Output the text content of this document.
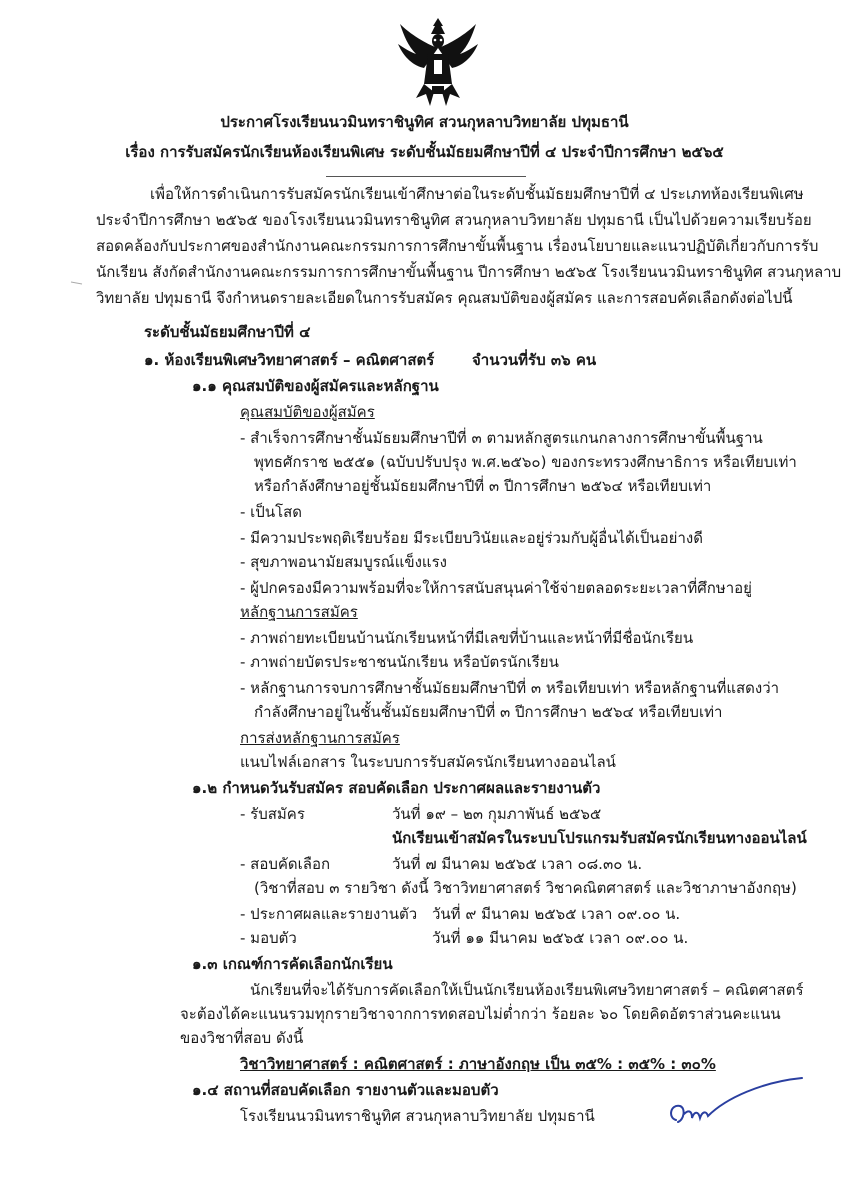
ประกาศโรงเรียนนวมินทราชินูทิศ สวนกุหลาบวิทยาลัย ปทุมธานี
เรื่อง การรับสมัครนักเรียนห้องเรียนพิเศษ ระดับชั้นมัธยมศึกษาปีที่ ๔ ประจำปีการศึกษา ๒๕๖๕
เพื่อให้การดำเนินการรับสมัครนักเรียนเข้าศึกษาต่อในระดับชั้นมัธยมศึกษาปีที่ ๔ ประเภทห้องเรียนพิเศษ
ประจำปีการศึกษา ๒๕๖๕ ของโรงเรียนนวมินทราชินูทิศ สวนกุหลาบวิทยาลัย ปทุมธานี เป็นไปด้วยความเรียบร้อย
สอดคล้องกับประกาศของสำนักงานคณะกรรมการการศึกษาขั้นพื้นฐาน เรื่องนโยบายและแนวปฏิบัติเกี่ยวกับการรับ
นักเรียน สังกัดสำนักงานคณะกรรมการการศึกษาขั้นพื้นฐาน ปีการศึกษา ๒๕๖๕ โรงเรียนนวมินทราชินูทิศ สวนกุหลาบ
วิทยาลัย ปทุมธานี จึงกำหนดรายละเอียดในการรับสมัคร คุณสมบัติของผู้สมัคร และการสอบคัดเลือกดังต่อไปนี้
ระดับชั้นมัธยมศึกษาปีที่ ๔
๑. ห้องเรียนพิเศษวิทยาศาสตร์ – คณิตศาสตร์	จำนวนที่รับ ๓๖ คน
๑.๑ คุณสมบัติของผู้สมัครและหลักฐาน
คุณสมบัติของผู้สมัคร
- สำเร็จการศึกษาชั้นมัธยมศึกษาปีที่ ๓ ตามหลักสูตรแกนกลางการศึกษาขั้นพื้นฐาน
พุทธศักราช ๒๕๕๑ (ฉบับปรับปรุง พ.ศ.๒๕๖๐) ของกระทรวงศึกษาธิการ หรือเทียบเท่า
หรือกำลังศึกษาอยู่ชั้นมัธยมศึกษาปีที่ ๓ ปีการศึกษา ๒๕๖๔ หรือเทียบเท่า
- เป็นโสด
- มีความประพฤติเรียบร้อย มีระเบียบวินัยและอยู่ร่วมกับผู้อื่นได้เป็นอย่างดี
- สุขภาพอนามัยสมบูรณ์แข็งแรง
- ผู้ปกครองมีความพร้อมที่จะให้การสนับสนุนค่าใช้จ่ายตลอดระยะเวลาที่ศึกษาอยู่
หลักฐานการสมัคร
- ภาพถ่ายทะเบียนบ้านนักเรียนหน้าที่มีเลขที่บ้านและหน้าที่มีชื่อนักเรียน
- ภาพถ่ายบัตรประชาชนนักเรียน หรือบัตรนักเรียน
- หลักฐานการจบการศึกษาชั้นมัธยมศึกษาปีที่ ๓ หรือเทียบเท่า หรือหลักฐานที่แสดงว่า
กำลังศึกษาอยู่ในชั้นชั้นมัธยมศึกษาปีที่ ๓ ปีการศึกษา ๒๕๖๔ หรือเทียบเท่า
การส่งหลักฐานการสมัคร
แนบไฟล์เอกสาร ในระบบการรับสมัครนักเรียนทางออนไลน์
๑.๒ กำหนดวันรับสมัคร สอบคัดเลือก ประกาศผลและรายงานตัว
- รับสมัคร	วันที่ ๑๙ – ๒๓ กุมภาพันธ์ ๒๕๖๕
นักเรียนเข้าสมัครในระบบโปรแกรมรับสมัครนักเรียนทางออนไลน์
- สอบคัดเลือก	วันที่ ๗ มีนาคม ๒๕๖๕ เวลา ๐๘.๓๐ น.
(วิชาที่สอบ ๓ รายวิชา ดังนี้ วิชาวิทยาศาสตร์ วิชาคณิตศาสตร์ และวิชาภาษาอังกฤษ)
- ประกาศผลและรายงานตัว วันที่ ๙ มีนาคม ๒๕๖๕ เวลา ๐๙.๐๐ น.
- มอบตัว	วันที่ ๑๑ มีนาคม ๒๕๖๕ เวลา ๐๙.๐๐ น.
๑.๓ เกณฑ์การคัดเลือกนักเรียน
นักเรียนที่จะได้รับการคัดเลือกให้เป็นนักเรียนห้องเรียนพิเศษวิทยาศาสตร์ – คณิตศาสตร์
จะต้องได้คะแนนรวมทุกรายวิชาจากการทดสอบไม่ต่ำกว่า ร้อยละ ๖๐ โดยคิดอัตราส่วนคะแนน
ของวิชาที่สอบ ดังนี้
วิชาวิทยาศาสตร์ : คณิตศาสตร์ : ภาษาอังกฤษ เป็น ๓๕% : ๓๕% : ๓๐%
๑.๔ สถานที่สอบคัดเลือก รายงานตัวและมอบตัว
โรงเรียนนวมินทราชินูทิศ สวนกุหลาบวิทยาลัย ปทุมธานี
